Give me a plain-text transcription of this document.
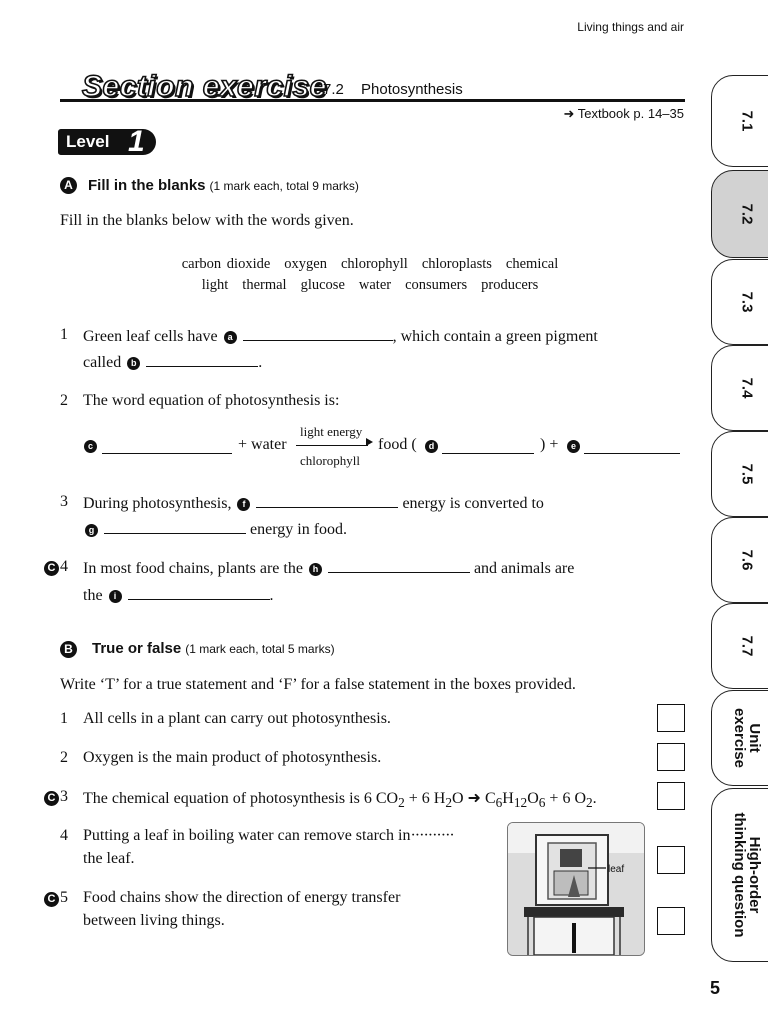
Living things and air
Section exercise
7.2 Photosynthesis
➜ Textbook p. 14–35
Level 1
A Fill in the blanks (1 mark each, total 9 marks)
Fill in the blanks below with the words given.
carbon dioxide oxygen chlorophyll chloroplasts chemical
light thermal glucose water consumers producers
1 Green leaf cells have a	, which contain a green pigment
called b	.
2 The word equation of photosynthesis is:
c	+ water
light energy
chlorophyll
food (	d	) +	e
3 During photosynthesis, f	energy is converted to
g	energy in food.
C 4 In most food chains, plants are the h	and animals are
the i	.
B True or false (1 mark each, total 5 marks)
Write ‘T’ for a true statement and ‘F’ for a false statement in the boxes provided.
1 All cells in a plant can carry out photosynthesis.
2 Oxygen is the main product of photosynthesis.
C 3 The chemical equation of photosynthesis is 6 $CO_2 + 6$ $H_2O$ ➜ $C_6H_{12}O_6 + 6$ $O_2$.
4 Putting a leaf in boiling water can remove starch in··········
the leaf.
C 5 Food chains show the direction of energy transfer
between living things.
leaf
7.1
7.2
7.3
7.4
7.5
7.6
7.7
Unit
exercise
High-order
thinking question
5
